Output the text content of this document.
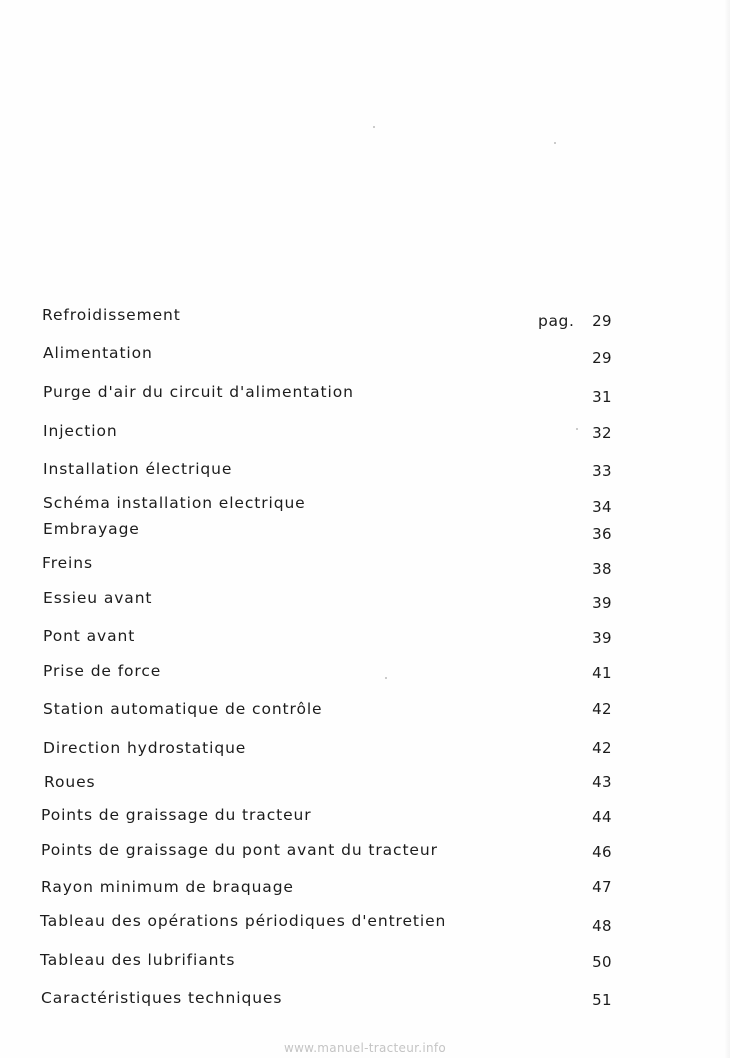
Refroidissement	pag.	29
Alimentation	29
Purge d'air du circuit d'alimentation	31
Injection	32
Installation électrique	33
Schéma installation electrique	34
Embrayage	36
Freins	38
Essieu avant	39
Pont avant	39
Prise de force	41
Station automatique de contrôle	42
Direction hydrostatique	42
Roues	43
Points de graissage du tracteur	44
Points de graissage du pont avant du tracteur	46
Rayon minimum de braquage	47
Tableau des opérations périodiques d'entretien	48
Tableau des lubrifiants	50
Caractéristiques techniques	51
www.manuel-tracteur.info
